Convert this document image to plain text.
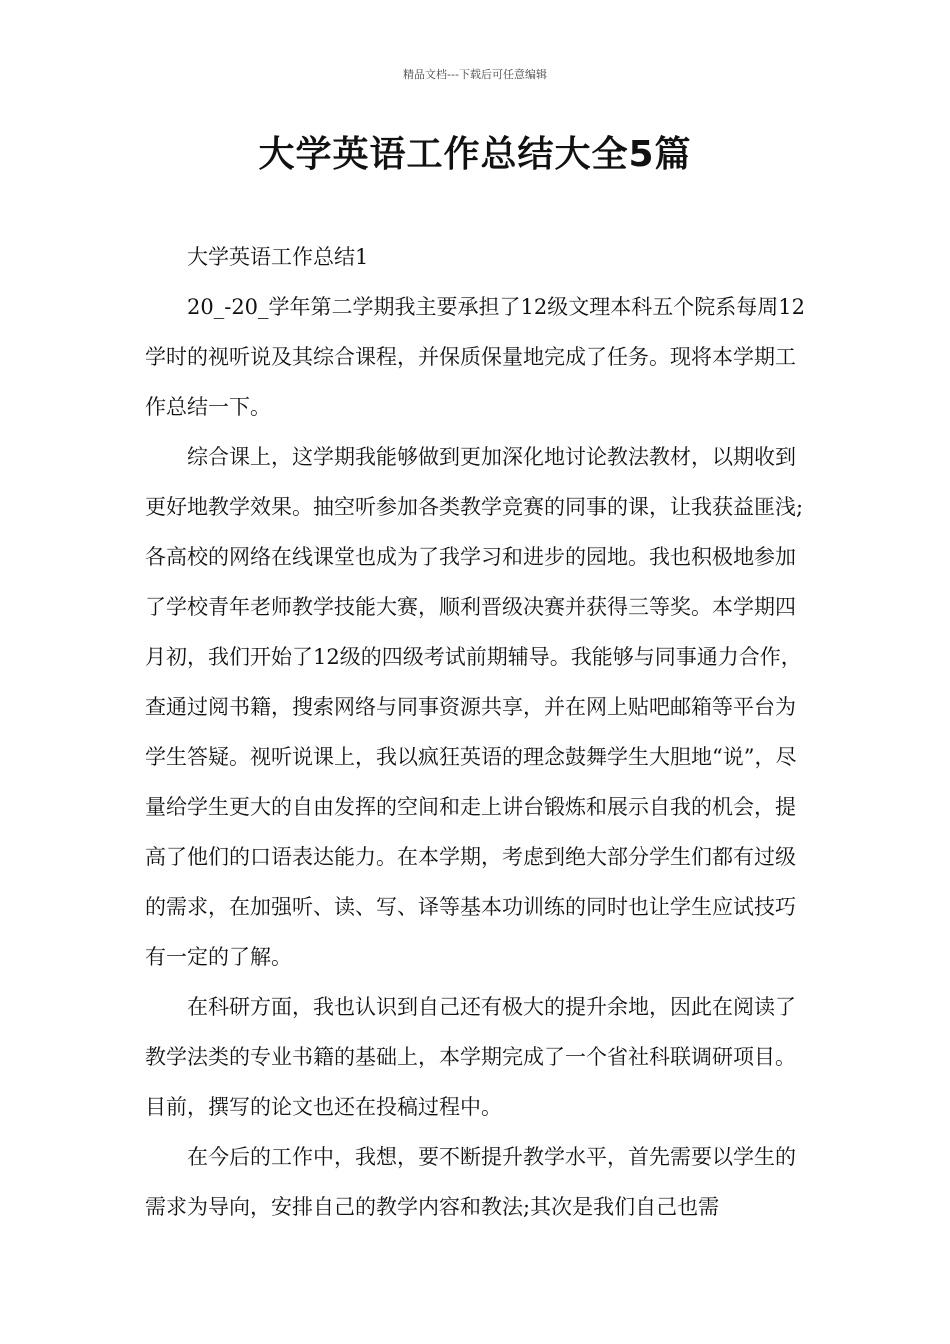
精品文档---下载后可任意编辑
大学英语工作总结大全5篇

大学英语工作总结1

20_-20_学年第二学期我主要承担了12级文理本科五个院系每周12学时的视听说及其综合课程，并保质保量地完成了任务。现将本学期工作总结一下。

综合课上，这学期我能够做到更加深化地讨论教法教材，以期收到更好地教学效果。抽空听参加各类教学竞赛的同事的课，让我获益匪浅;各高校的网络在线课堂也成为了我学习和进步的园地。我也积极地参加了学校青年老师教学技能大赛，顺利晋级决赛并获得三等奖。本学期四月初，我们开始了12级的四级考试前期辅导。我能够与同事通力合作，查通过阅书籍，搜索网络与同事资源共享，并在网上贴吧邮箱等平台为学生答疑。视听说课上，我以疯狂英语的理念鼓舞学生大胆地“说”，尽量给学生更大的自由发挥的空间和走上讲台锻炼和展示自我的机会，提高了他们的口语表达能力。在本学期，考虑到绝大部分学生们都有过级的需求，在加强听、读、写、译等基本功训练的同时也让学生应试技巧有一定的了解。

在科研方面，我也认识到自己还有极大的提升余地，因此在阅读了教学法类的专业书籍的基础上，本学期完成了一个省社科联调研项目。目前，撰写的论文也还在投稿过程中。

在今后的工作中，我想，要不断提升教学水平，首先需要以学生的需求为导向，安排自己的教学内容和教法;其次是我们自己也需
